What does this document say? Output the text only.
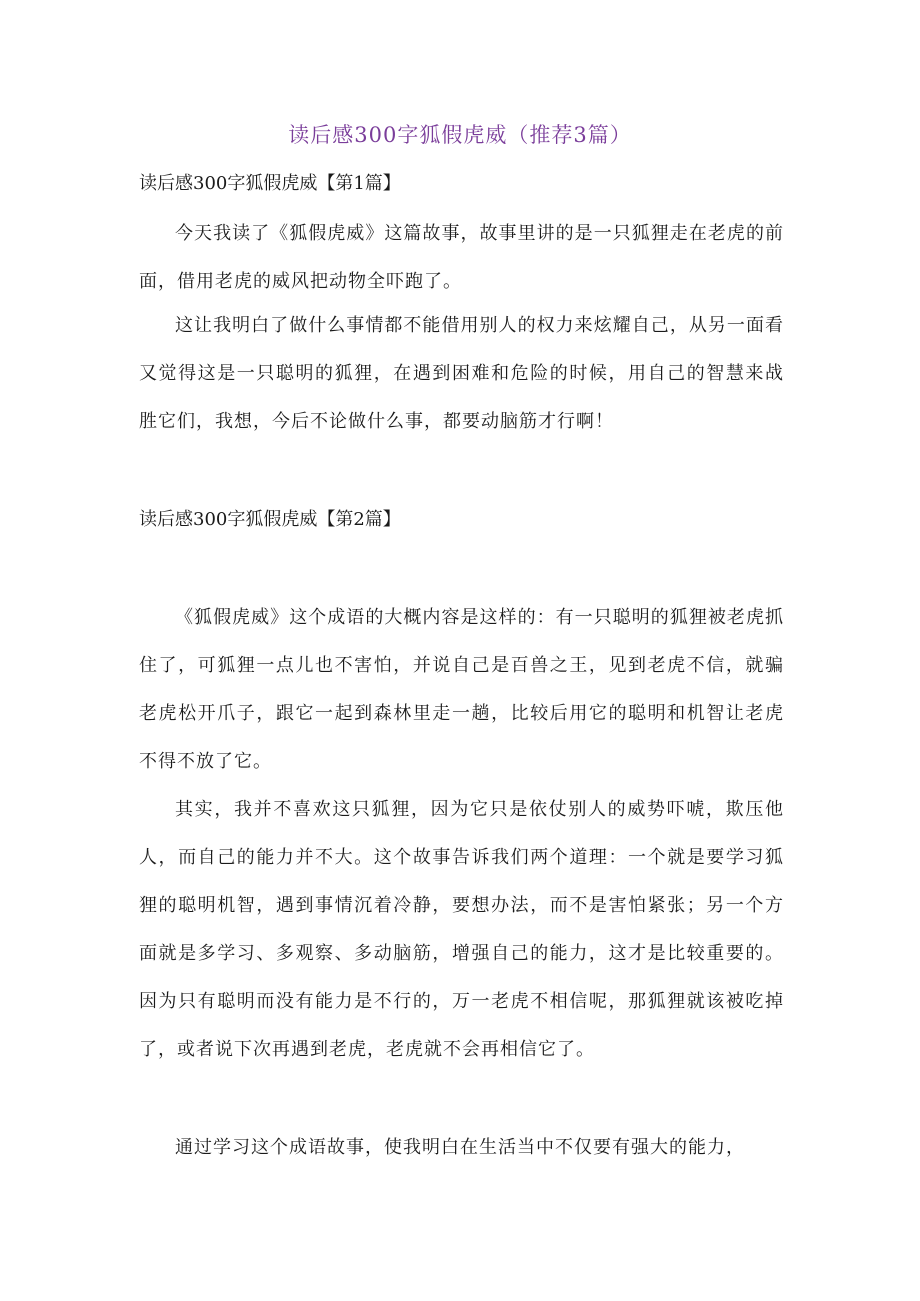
读后感300字狐假虎威（推荐3篇）
读后感300字狐假虎威【第1篇】
今天我读了《狐假虎威》这篇故事，故事里讲的是一只狐狸走在老虎的前面，借用老虎的威风把动物全吓跑了。
这让我明白了做什么事情都不能借用别人的权力来炫耀自己，从另一面看又觉得这是一只聪明的狐狸，在遇到困难和危险的时候，用自己的智慧来战胜它们，我想，今后不论做什么事，都要动脑筋才行啊！
读后感300字狐假虎威【第2篇】
《狐假虎威》这个成语的大概内容是这样的：有一只聪明的狐狸被老虎抓住了，可狐狸一点儿也不害怕，并说自己是百兽之王，见到老虎不信，就骗老虎松开爪子，跟它一起到森林里走一趟，比较后用它的聪明和机智让老虎不得不放了它。
其实，我并不喜欢这只狐狸，因为它只是依仗别人的威势吓唬，欺压他人，而自己的能力并不大。这个故事告诉我们两个道理：一个就是要学习狐狸的聪明机智，遇到事情沉着冷静，要想办法，而不是害怕紧张；另一个方面就是多学习、多观察、多动脑筋，增强自己的能力，这才是比较重要的。因为只有聪明而没有能力是不行的，万一老虎不相信呢，那狐狸就该被吃掉了，或者说下次再遇到老虎，老虎就不会再相信它了。
通过学习这个成语故事，使我明白在生活当中不仅要有强大的能力，
